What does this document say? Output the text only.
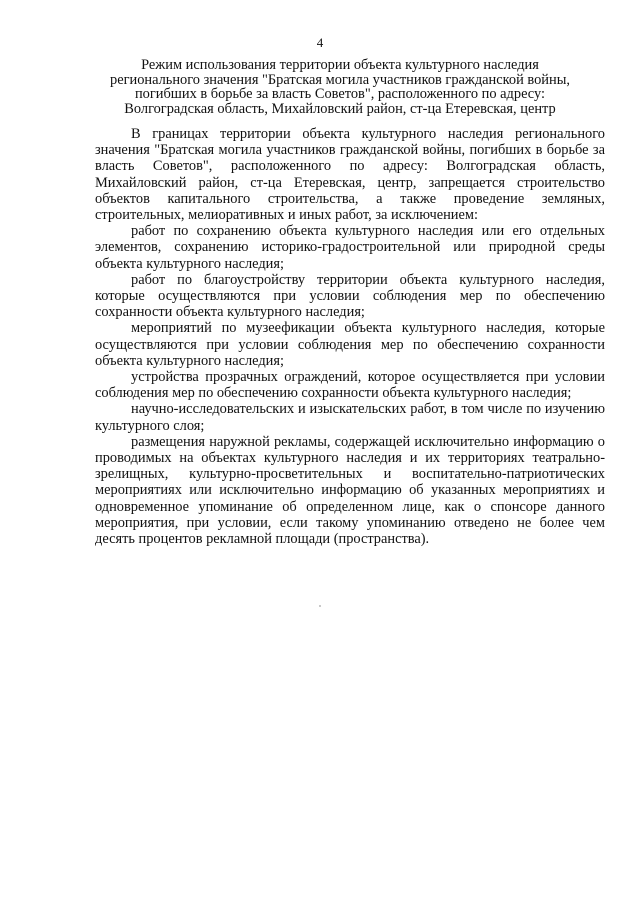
4
Режим использования территории объекта культурного наследия
регионального значения "Братская могила участников гражданской войны,
погибших в борьбе за власть Советов", расположенного по адресу:
Волгоградская область, Михайловский район, ст-ца Етеревская, центр

В границах территории объекта культурного наследия регионального значения "Братская могила участников гражданской войны, погибших в борьбе за власть Советов", расположенного по адресу: Волгоградская область, Михайловский район, ст-ца Етеревская, центр, запрещается строительство объектов капитального строительства, а также проведение земляных, строительных, мелиоративных и иных работ, за исключением:

работ по сохранению объекта культурного наследия или его отдельных элементов, сохранению историко-градостроительной или природной среды объекта культурного наследия;

работ по благоустройству территории объекта культурного наследия, которые осуществляются при условии соблюдения мер по обеспечению сохранности объекта культурного наследия;

мероприятий по музеефикации объекта культурного наследия, которые осуществляются при условии соблюдения мер по обеспечению сохранности объекта культурного наследия;

устройства прозрачных ограждений, которое осуществляется при условии соблюдения мер по обеспечению сохранности объекта культурного наследия;

научно-исследовательских и изыскательских работ, в том числе по изучению культурного слоя;

размещения наружной рекламы, содержащей исключительно информацию о проводимых на объектах культурного наследия и их территориях театрально-зрелищных, культурно-просветительных и воспитательно-патриотических мероприятиях или исключительно информацию об указанных мероприятиях и одновременное упоминание об определенном лице, как о спонсоре данного мероприятия, при условии, если такому упоминанию отведено не более чем десять процентов рекламной площади (пространства).
